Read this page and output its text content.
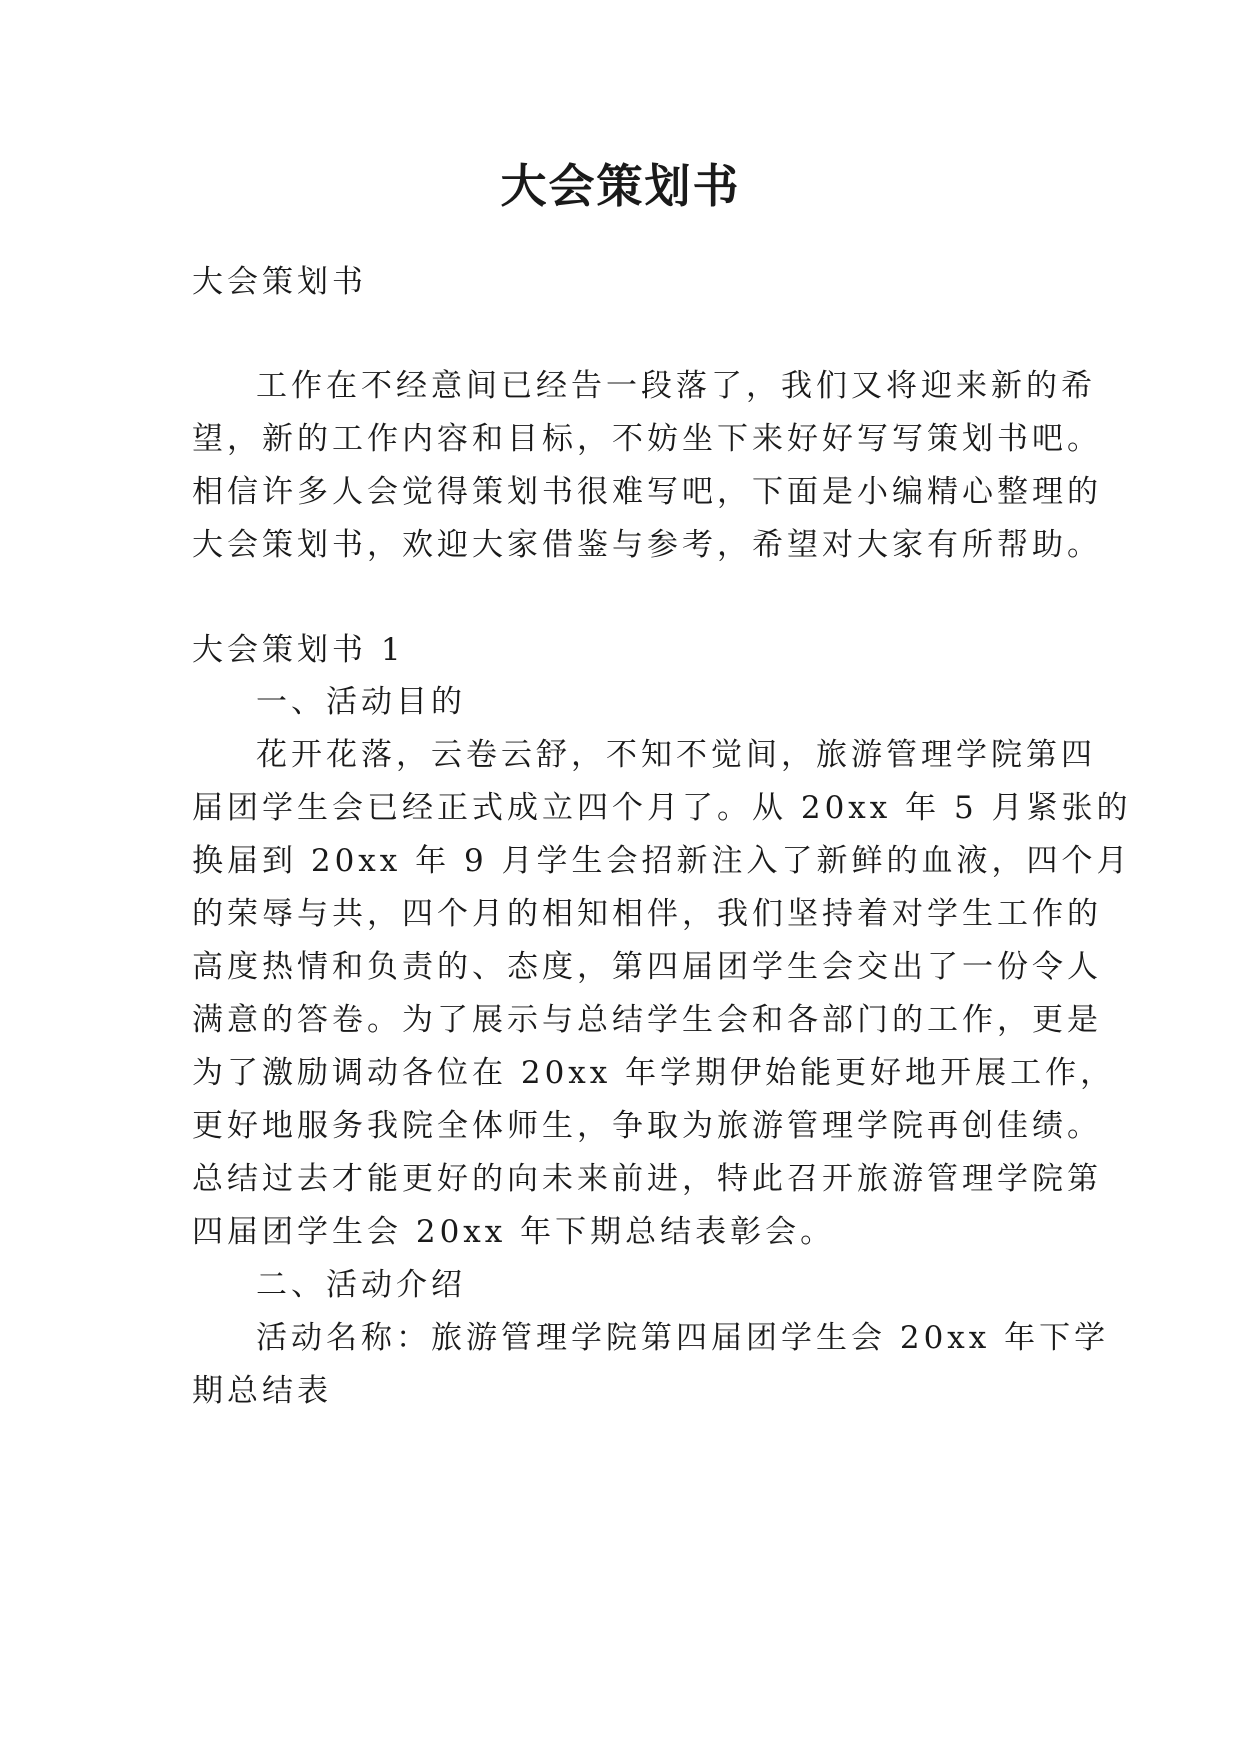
大会策划书

大会策划书

工作在不经意间已经告一段落了，我们又将迎来新的希

望，新的工作内容和目标，不妨坐下来好好写写策划书吧。

相信许多人会觉得策划书很难写吧，下面是小编精心整理的

大会策划书，欢迎大家借鉴与参考，希望对大家有所帮助。

大会策划书 1

一、活动目的

花开花落，云卷云舒，不知不觉间，旅游管理学院第四

届团学生会已经正式成立四个月了。从 20xx 年 5 月紧张的

换届到 20xx 年 9 月学生会招新注入了新鲜的血液，四个月

的荣辱与共，四个月的相知相伴，我们坚持着对学生工作的

高度热情和负责的、态度，第四届团学生会交出了一份令人

满意的答卷。为了展示与总结学生会和各部门的工作，更是

为了激励调动各位在 20xx 年学期伊始能更好地开展工作，

更好地服务我院全体师生，争取为旅游管理学院再创佳绩。

总结过去才能更好的向未来前进，特此召开旅游管理学院第

四届团学生会 20xx 年下期总结表彰会。

二、活动介绍

活动名称：旅游管理学院第四届团学生会 20xx 年下学

期总结表
